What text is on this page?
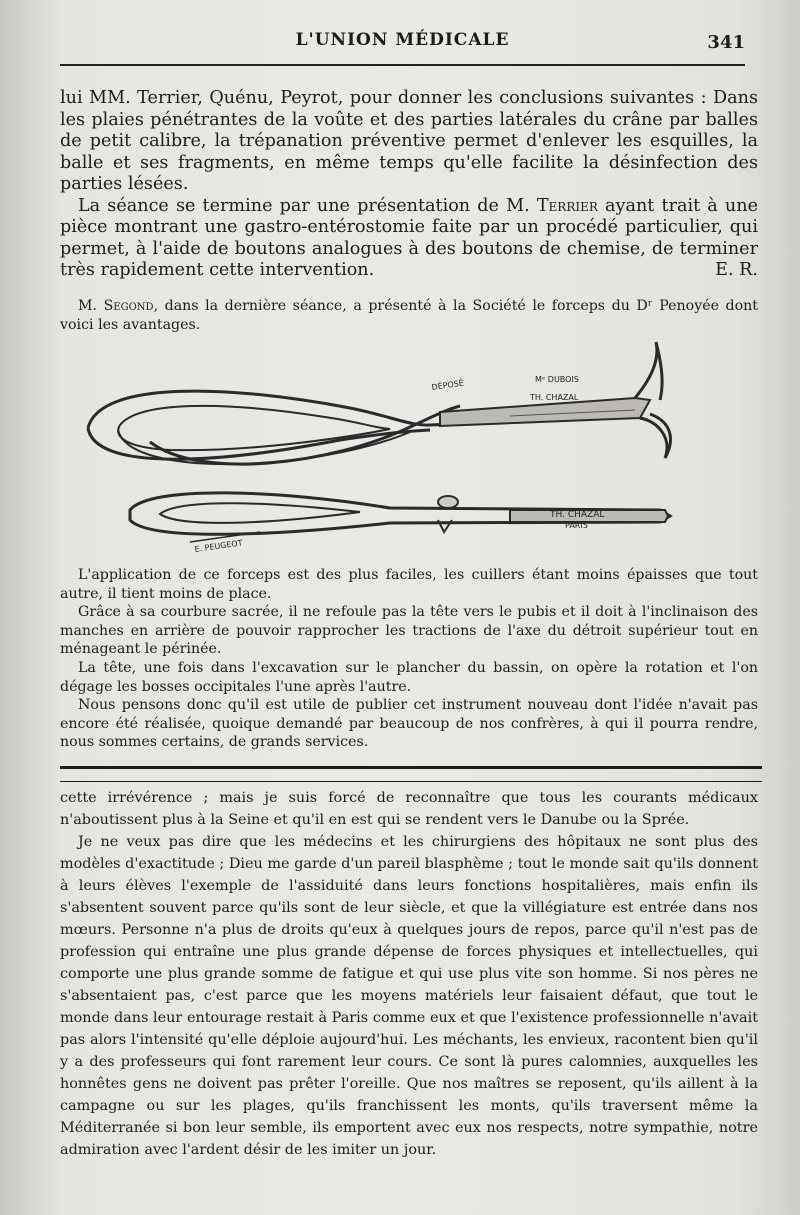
L'UNION MÉDICALE	341

lui MM. Terrier, Quénu, Peyrot, pour donner les conclusions suivantes : Dans les plaies pénétrantes de la voûte et des parties latérales du crâne par balles de petit calibre, la trépanation préventive permet d'enlever les esquilles, la balle et ses fragments, en même temps qu'elle facilite la désinfection des parties lésées.

La séance se termine par une présentation de M. Terrier ayant trait à une pièce montrant une gastro-entérostomie faite par un procédé particulier, qui permet, à l'aide de boutons analogues à des boutons de chemise, de terminer très rapidement cette intervention.	E. R.

M. Segond, dans la dernière séance, a présenté à la Société le forceps du Dʳ Penoyée dont voici les avantages.

DÉPOSÉ	Mᵉ DUBOIS
TH. CHAZAL
TH. CHAZAL
PARIS
E. PEUGEOT

L'application de ce forceps est des plus faciles, les cuillers étant moins épaisses que tout autre, il tient moins de place.

Grâce à sa courbure sacrée, il ne refoule pas la tête vers le pubis et il doit à l'inclinaison des manches en arrière de pouvoir rapprocher les tractions de l'axe du détroit supérieur tout en ménageant le périnée.

La tête, une fois dans l'excavation sur le plancher du bassin, on opère la rotation et l'on dégage les bosses occipitales l'une après l'autre.

Nous pensons donc qu'il est utile de publier cet instrument nouveau dont l'idée n'avait pas encore été réalisée, quoique demandé par beaucoup de nos confrères, à qui il pourra rendre, nous sommes certains, de grands services.

cette irrévérence ; mais je suis forcé de reconnaître que tous les courants médicaux n'aboutissent plus à la Seine et qu'il en est qui se rendent vers le Danube ou la Sprée.

Je ne veux pas dire que les médecins et les chirurgiens des hôpitaux ne sont plus des modèles d'exactitude ; Dieu me garde d'un pareil blasphème ; tout le monde sait qu'ils donnent à leurs élèves l'exemple de l'assiduité dans leurs fonctions hospitalières, mais enfin ils s'absentent souvent parce qu'ils sont de leur siècle, et que la villégiature est entrée dans nos mœurs. Personne n'a plus de droits qu'eux à quelques jours de repos, parce qu'il n'est pas de profession qui entraîne une plus grande dépense de forces physiques et intellectuelles, qui comporte une plus grande somme de fatigue et qui use plus vite son homme. Si nos pères ne s'absentaient pas, c'est parce que les moyens matériels leur faisaient défaut, que tout le monde dans leur entourage restait à Paris comme eux et que l'existence professionnelle n'avait pas alors l'intensité qu'elle déploie aujourd'hui. Les méchants, les envieux, racontent bien qu'il y a des professeurs qui font rarement leur cours. Ce sont là pures calomnies, auxquelles les honnêtes gens ne doivent pas prêter l'oreille. Que nos maîtres se reposent, qu'ils aillent à la campagne ou sur les plages, qu'ils franchissent les monts, qu'ils traversent même la Méditerranée si bon leur semble, ils emportent avec eux nos respects, notre sympathie, notre admiration avec l'ardent désir de les imiter un jour.
